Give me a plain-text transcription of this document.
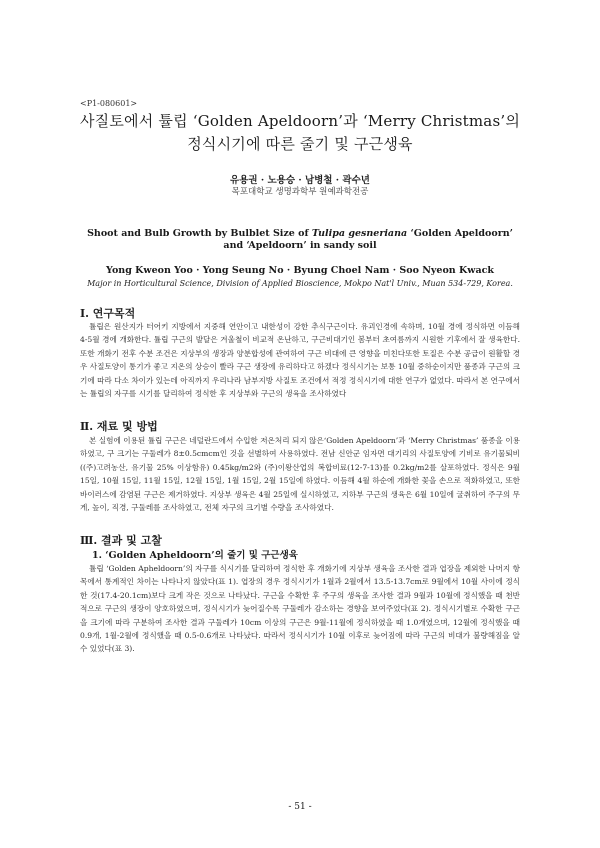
<P1-080601>
사질토에서 튤립 ‘Golden Apeldoorn’과 ‘Merry Christmas’의
정식시기에 따른 줄기 및 구근생육
유용권 · 노용승 · 남병철 · 곽수년
목포대학교 생명과학부 원예과학전공
Shoot and Bulb Growth by Bulblet Size of Tulipa gesneriana ‘Golden Apeldoorn’
and ‘Apeldoorn’ in sandy soil
Yong Kweon Yoo · Yong Seung No · Byung Choel Nam · Soo Nyeon Kwack
Major in Horticultural Science, Division of Applied Bioscience, Mokpo Nat'l Univ., Muan 534-729, Korea.
Ⅰ. 연구목적
튤립은 원산지가 터어키 지방에서 지중해 연안이고 내한성이 강한 추식구근이다. 유괴인경에 속하며, 10월 경에 정식하면 이듬해 4-5월 경에 개화한다. 튤립 구근의 발달은 겨울철이 비교적 온난하고, 구근비대기인 봄부터 초여름까지 시원한 기후에서 잘 생육한다. 또한 개화기 전후 수분 조건은 지상부의 생장과 양분합성에 관여하여 구근 비대에 큰 영향을 미친다또한 토질은 수분 공급이 원활할 경우 사질토양이 통기가 좋고 지온의 상승이 빨라 구근 생장에 유리하다고 하겠다 정식시기는 보통 10월 중하순이지만 품종과 구근의 크기에 따라 다소 차이가 있는데 아직까지 우리나라 남부지방 사질토 조건에서 적정 정식시기에 대한 연구가 없었다. 따라서 본 연구에서는 튤립의 자구를 시기를 달리하여 정식한 후 지상부와 구근의 생육을 조사하였다
Ⅱ. 재료 및 방법
본 실험에 이용된 튤립 구근은 네덜란드에서 수입한 저온처리 되지 않은‘Golden Apeldoorn’과 ‘Merry Christmas’ 품종을 이용하였고, 구 크기는 구둘레가 8±0.5cmcm인 것을 선별하여 사용하였다. 전남 신안군 임자면 대기리의 사질토양에 기비로 유기물퇴비((주)고려농산, 유기물 25% 이상함유) 0.45kg/m2와 (주)이왕산업의 복합비료(12-7-13)를 0.2kg/m2를 살포하였다. 정식은 9월 15일, 10월 15일, 11월 15일, 12월 15일, 1월 15일, 2월 15일에 하였다. 이듬해 4월 하순에 개화한 꽃을 손으로 적화하였고, 또한 바이러스에 감염된 구근은 제거하였다. 지상부 생육은 4월 25일에 실시하였고, 지하부 구근의 생육은 6월 10일에 굴취하여 주구의 무게, 높이, 직경, 구둘레를 조사하였고, 전체 자구의 크기별 수량을 조사하였다.
Ⅲ. 결과 및 고찰
1. ‘Golden Apheldoorn’의 줄기 및 구근생육
튤립 ‘Golden Apheldoorn’의 자구를 식시기를 달리하여 정식한 후 개화기에 지상부 생육을 조사한 결과 엽장을 제외한 나머지 항목에서 통계적인 차이는 나타나지 않았다(표 1). 엽장의 경우 정식시기가 1월과 2월에서 13.5-13.7cm로 9월에서 10월 사이에 정식한 것(17.4-20.1cm)보다 크게 작은 것으로 나타났다. 구근을 수확한 후 주구의 생육을 조사한 결과 9월과 10월에 정식했을 때 천반적으로 구근의 생장이 양호하였으며, 정식시기가 늦어질수록 구둘레가 감소하는 경향을 보여주었다(표 2). 정식시기별로 수확한 구근을 크기에 따라 구분하여 조사한 결과 구둘레가 10cm 이상의 구근은 9월-11월에 정식하였을 때 1.0개였으며, 12월에 정식했을 때 0.9개, 1월-2월에 정식했을 때 0.5-0.6개로 나타났다. 따라서 정식시기가 10월 이후로 늦어짐에 따라 구근의 비대가 불량해짐을 알 수 있었다(표 3).
- 51 -
